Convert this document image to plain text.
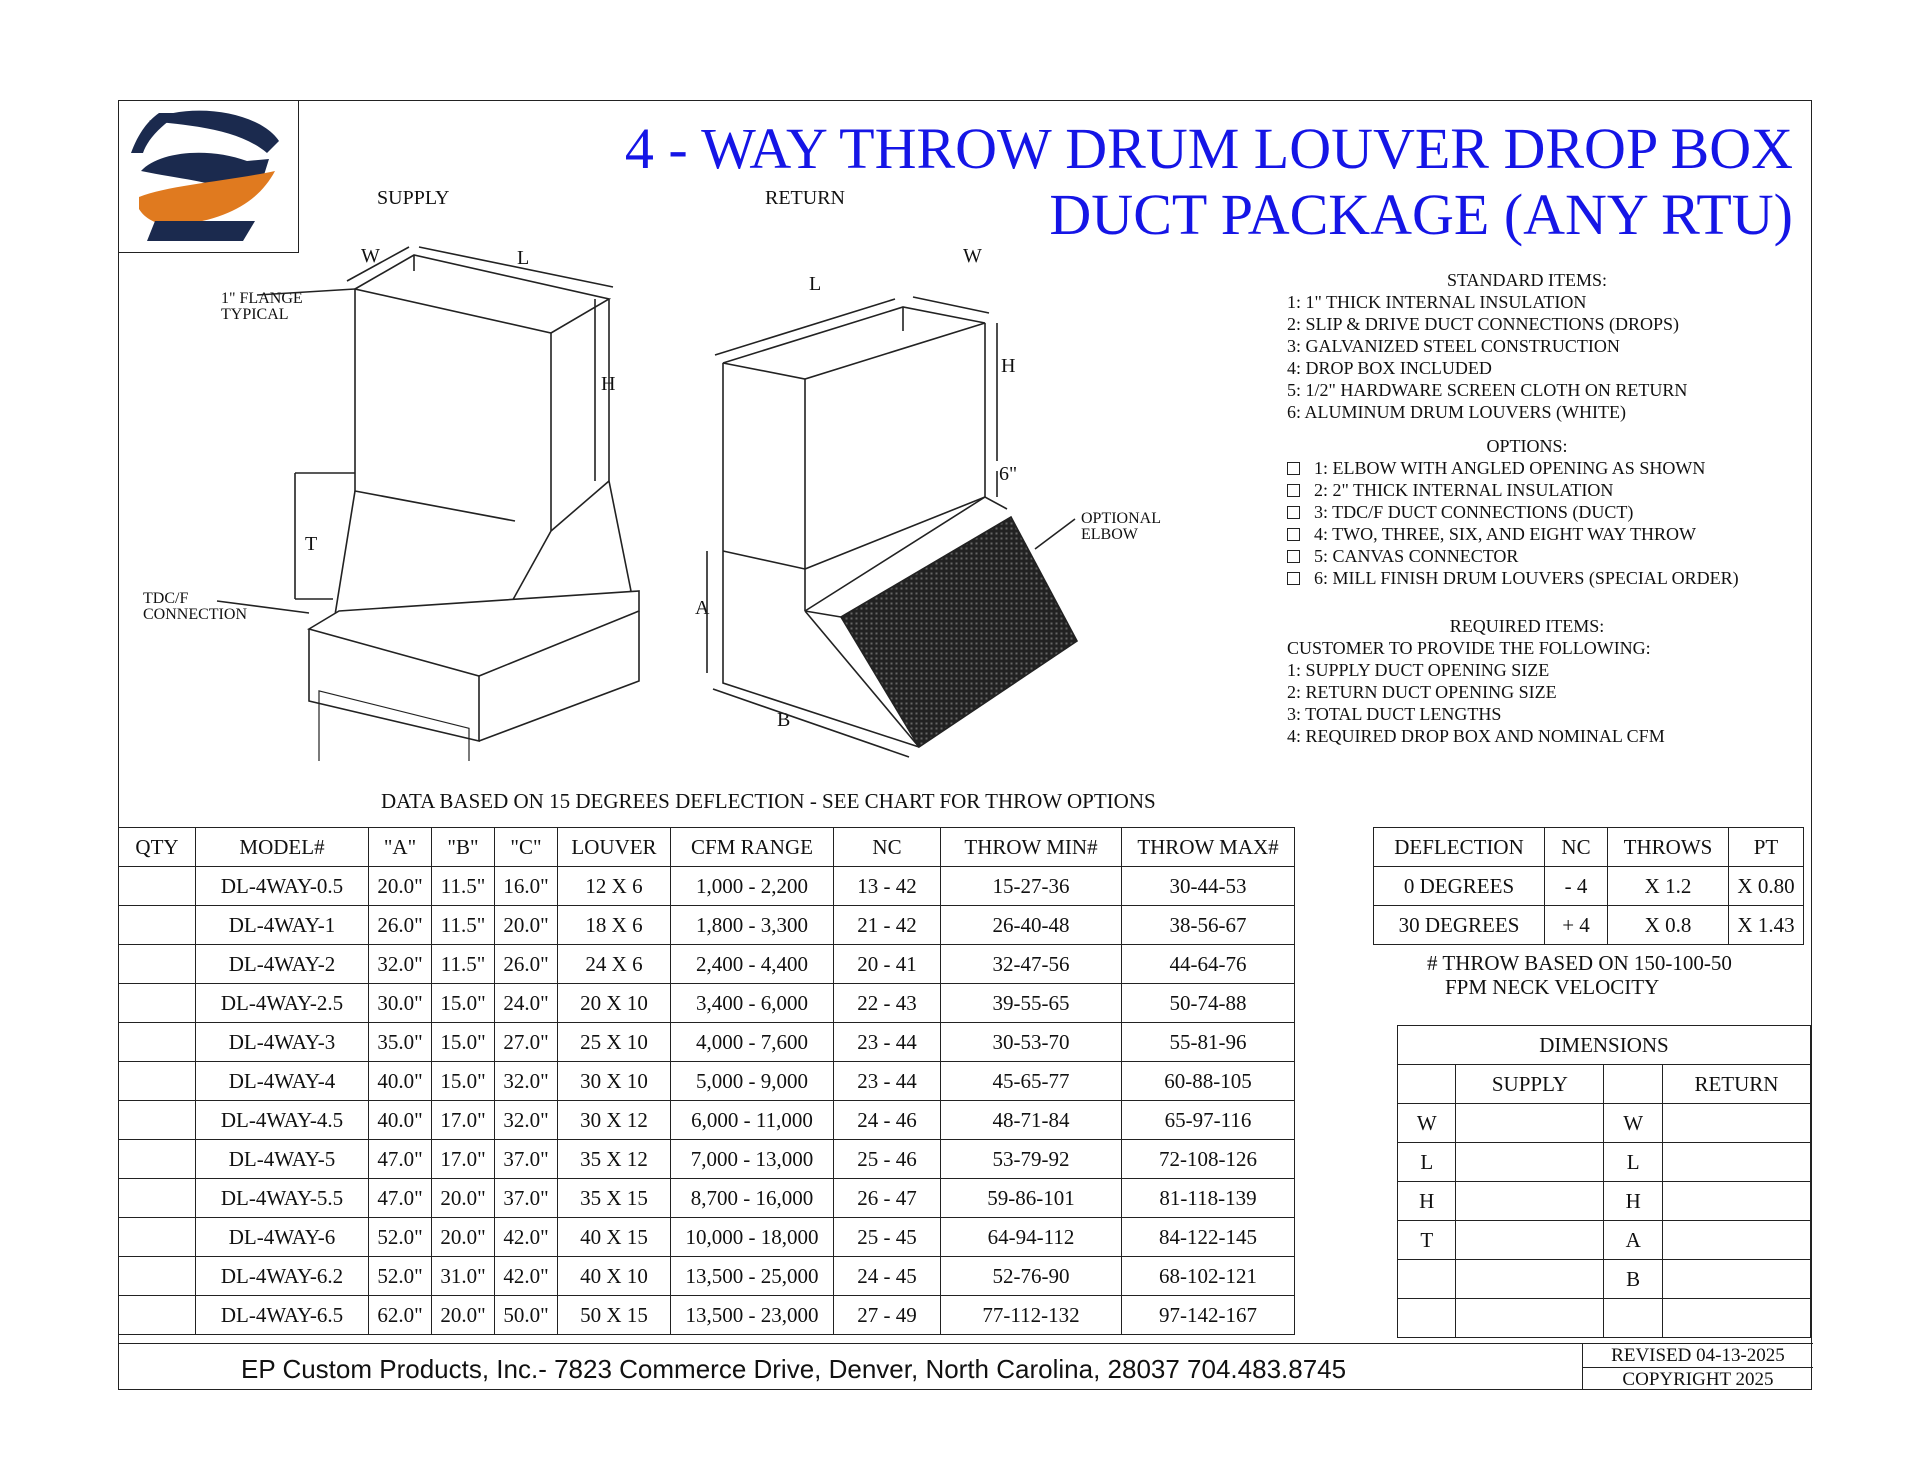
4 - WAY THROW DRUM LOUVER DROP BOX
DUCT PACKAGE (ANY RTU)
SUPPLY	RETURN
1" FLANGE
TYPICAL
TDC/F
CONNECTION
OPTIONAL
ELBOW
W	L
H
T
L
W
H
6"
A
B
STANDARD ITEMS:
1: 1" THICK INTERNAL INSULATION
2: SLIP & DRIVE DUCT CONNECTIONS (DROPS)
3: GALVANIZED STEEL CONSTRUCTION
4: DROP BOX INCLUDED
5: 1/2" HARDWARE SCREEN CLOTH ON RETURN
6: ALUMINUM DRUM LOUVERS (WHITE)
OPTIONS:
1: ELBOW WITH ANGLED OPENING AS SHOWN
2: 2" THICK INTERNAL INSULATION
3: TDC/F DUCT CONNECTIONS (DUCT)
4: TWO, THREE, SIX, AND EIGHT WAY THROW
5: CANVAS CONNECTOR
6: MILL FINISH DRUM LOUVERS (SPECIAL ORDER)
REQUIRED ITEMS:
CUSTOMER TO PROVIDE THE FOLLOWING:
1: SUPPLY DUCT OPENING SIZE
2: RETURN DUCT OPENING SIZE
3: TOTAL DUCT LENGTHS
4: REQUIRED DROP BOX AND NOMINAL CFM
DATA BASED ON 15 DEGREES DEFLECTION - SEE CHART FOR THROW OPTIONS
QTY	MODEL#	"A"	"B"	"C"	LOUVER	CFM RANGE	NC	THROW MIN#	THROW MAX#
	DL-4WAY-0.5	20.0"	11.5"	16.0"	12 X 6	1,000 - 2,200	13 - 42	15-27-36	30-44-53
	DL-4WAY-1	26.0"	11.5"	20.0"	18 X 6	1,800 - 3,300	21 - 42	26-40-48	38-56-67
	DL-4WAY-2	32.0"	11.5"	26.0"	24 X 6	2,400 - 4,400	20 - 41	32-47-56	44-64-76
	DL-4WAY-2.5	30.0"	15.0"	24.0"	20 X 10	3,400 - 6,000	22 - 43	39-55-65	50-74-88
	DL-4WAY-3	35.0"	15.0"	27.0"	25 X 10	4,000 - 7,600	23 - 44	30-53-70	55-81-96
	DL-4WAY-4	40.0"	15.0"	32.0"	30 X 10	5,000 - 9,000	23 - 44	45-65-77	60-88-105
	DL-4WAY-4.5	40.0"	17.0"	32.0"	30 X 12	6,000 - 11,000	24 - 46	48-71-84	65-97-116
	DL-4WAY-5	47.0"	17.0"	37.0"	35 X 12	7,000 - 13,000	25 - 46	53-79-92	72-108-126
	DL-4WAY-5.5	47.0"	20.0"	37.0"	35 X 15	8,700 - 16,000	26 - 47	59-86-101	81-118-139
	DL-4WAY-6	52.0"	20.0"	42.0"	40 X 15	10,000 - 18,000	25 - 45	64-94-112	84-122-145
	DL-4WAY-6.2	52.0"	31.0"	42.0"	40 X 10	13,500 - 25,000	24 - 45	52-76-90	68-102-121
	DL-4WAY-6.5	62.0"	20.0"	50.0"	50 X 15	13,500 - 23,000	27 - 49	77-112-132	97-142-167
DEFLECTION	NC	THROWS	PT
0 DEGREES	- 4	X 1.2	X 0.80
30 DEGREES	+ 4	X 0.8	X 1.43
# THROW BASED ON 150-100-50
FPM NECK VELOCITY
DIMENSIONS			
	SUPPLY		RETURN
W		W	
L		L	
H		H	
T		A	
		B	

EP Custom Products, Inc.- 7823 Commerce Drive, Denver, North Carolina, 28037 704.483.8745	REVISED 04-13-2025
COPYRIGHT 2025
